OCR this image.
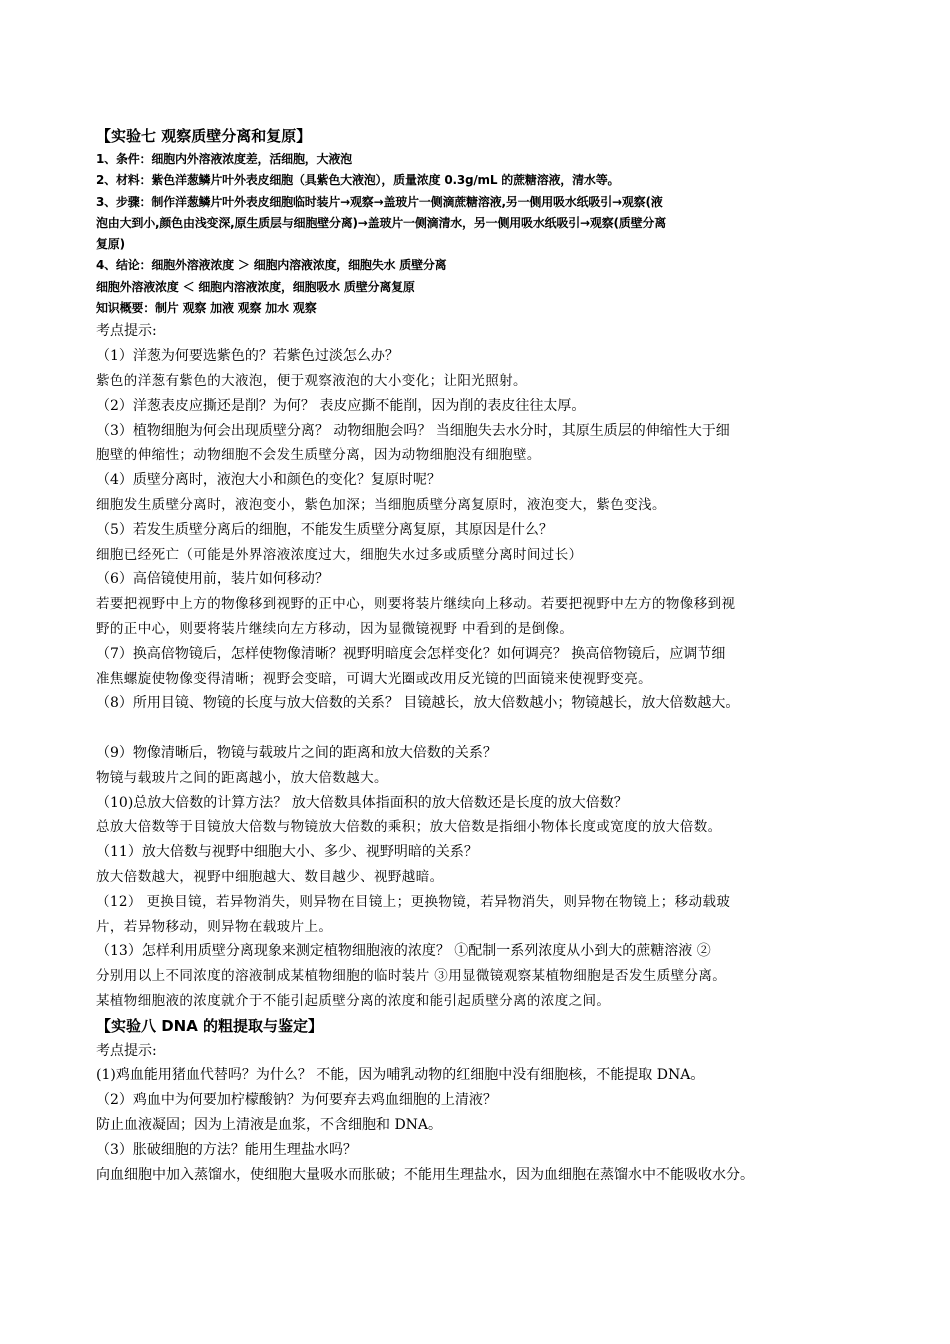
【实验七 观察质壁分离和复原】

1、条件：细胞内外溶液浓度差，活细胞，大液泡

2、材料：紫色洋葱鳞片叶外表皮细胞（具紫色大液泡），质量浓度 0.3g/mL 的蔗糖溶液，清水等。

3、步骤：制作洋葱鳞片叶外表皮细胞临时装片→观察→盖玻片一侧滴蔗糖溶液,另一侧用吸水纸吸引→观察(液

泡由大到小,颜色由浅变深,原生质层与细胞壁分离)→盖玻片一侧滴清水，另一侧用吸水纸吸引→观察(质壁分离

复原)

4、结论：细胞外溶液浓度 ＞ 细胞内溶液浓度，细胞失水 质壁分离

细胞外溶液浓度 ＜ 细胞内溶液浓度，细胞吸水 质壁分离复原

知识概要：制片 观察 加液 观察 加水 观察

考点提示:

（1）洋葱为何要选紫色的？若紫色过淡怎么办？

紫色的洋葱有紫色的大液泡，便于观察液泡的大小变化；让阳光照射。

（2）洋葱表皮应撕还是削？为何？ 表皮应撕不能削，因为削的表皮往往太厚。

（3）植物细胞为何会出现质壁分离？ 动物细胞会吗？ 当细胞失去水分时，其原生质层的伸缩性大于细

胞壁的伸缩性；动物细胞不会发生质壁分离，因为动物细胞没有细胞壁。

（4）质壁分离时，液泡大小和颜色的变化？复原时呢？

细胞发生质壁分离时，液泡变小，紫色加深；当细胞质壁分离复原时，液泡变大，紫色变浅。

（5）若发生质壁分离后的细胞，不能发生质壁分离复原，其原因是什么？

细胞已经死亡（可能是外界溶液浓度过大，细胞失水过多或质壁分离时间过长）

（6）高倍镜使用前，装片如何移动？

若要把视野中上方的物像移到视野的正中心，则要将装片继续向上移动。若要把视野中左方的物像移到视

野的正中心，则要将装片继续向左方移动，因为显微镜视野 中看到的是倒像。

（7）换高倍物镜后，怎样使物像清晰？视野明暗度会怎样变化？如何调亮？ 换高倍物镜后，应调节细

准焦螺旋使物像变得清晰；视野会变暗，可调大光圈或改用反光镜的凹面镜来使视野变亮。

（8）所用目镜、物镜的长度与放大倍数的关系？ 目镜越长，放大倍数越小；物镜越长，放大倍数越大。

（9）物像清晰后，物镜与载玻片之间的距离和放大倍数的关系？

物镜与载玻片之间的距离越小，放大倍数越大。

（10)总放大倍数的计算方法？ 放大倍数具体指面积的放大倍数还是长度的放大倍数？

总放大倍数等于目镜放大倍数与物镜放大倍数的乘积；放大倍数是指细小物体长度或宽度的放大倍数。

（11）放大倍数与视野中细胞大小、多少、视野明暗的关系？

放大倍数越大，视野中细胞越大、数目越少、视野越暗。

（12） 更换目镜，若异物消失，则异物在目镜上；更换物镜，若异物消失，则异物在物镜上；移动载玻

片，若异物移动，则异物在载玻片上。

（13）怎样利用质壁分离现象来测定植物细胞液的浓度？ ①配制一系列浓度从小到大的蔗糖溶液 ②

分别用以上不同浓度的溶液制成某植物细胞的临时装片 ③用显微镜观察某植物细胞是否发生质壁分离。

某植物细胞液的浓度就介于不能引起质壁分离的浓度和能引起质壁分离的浓度之间。

【实验八 DNA 的粗提取与鉴定】

考点提示:

(1)鸡血能用猪血代替吗？为什么？ 不能，因为哺乳动物的红细胞中没有细胞核，不能提取 DNA。

（2）鸡血中为何要加柠檬酸钠？为何要弃去鸡血细胞的上清液？

防止血液凝固；因为上清液是血浆，不含细胞和 DNA。

（3）胀破细胞的方法？能用生理盐水吗？

向血细胞中加入蒸馏水，使细胞大量吸水而胀破；不能用生理盐水，因为血细胞在蒸馏水中不能吸收水分。
